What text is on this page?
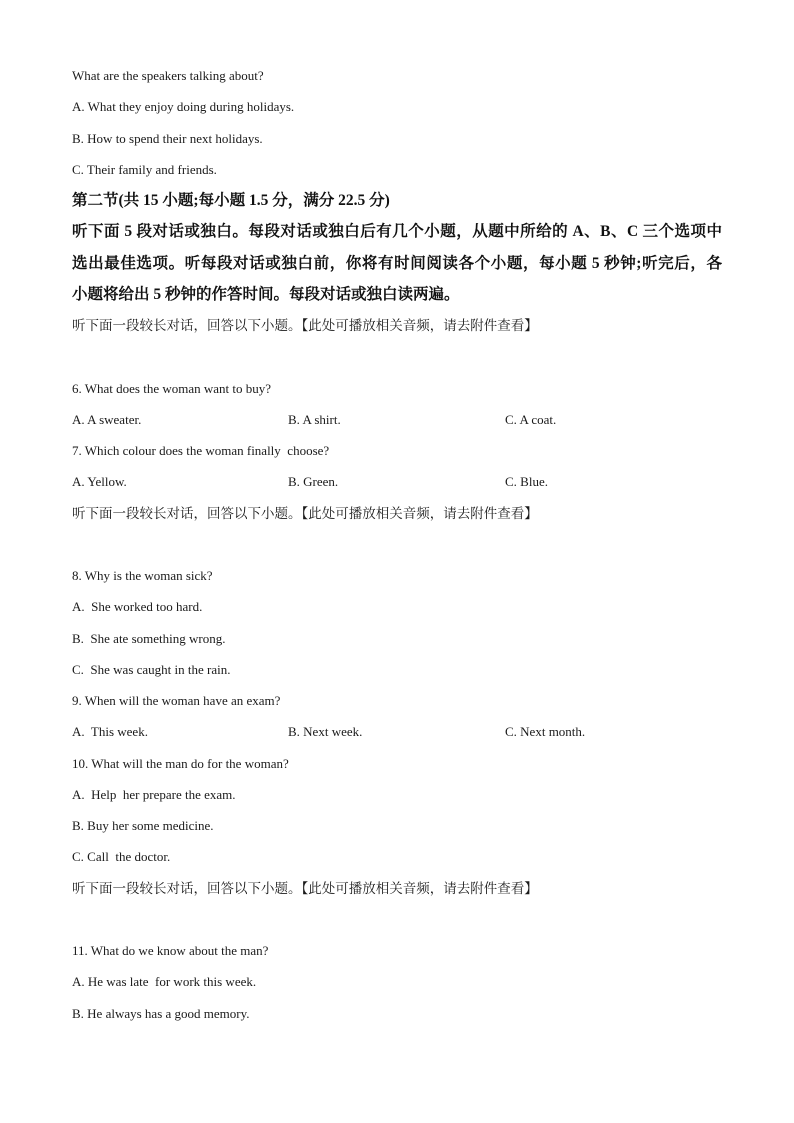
What are the speakers talking about?
A. What they enjoy doing during holidays.
B. How to spend their next holidays.
C. Their family and friends.
第二节(共 15 小题;每小题 1.5 分，满分 22.5 分)
听下面 5 段对话或独白。每段对话或独白后有几个小题，从题中所给的 A、B、C 三个选项中
选出最佳选项。听每段对话或独白前，你将有时间阅读各个小题，每小题 5 秒钟;听完后，各
小题将给出 5 秒钟的作答时间。每段对话或独白读两遍。
听下面一段较长对话，回答以下小题。【此处可播放相关音频，请去附件查看】
6. What does the woman want to buy?
A. A sweater.	B. A shirt.	C. A coat.
7. Which colour does the woman finally  choose?
A. Yellow.	B. Green.	C. Blue.
听下面一段较长对话，回答以下小题。【此处可播放相关音频，请去附件查看】
8. Why is the woman sick?
A.  She worked too hard.
B.  She ate something wrong.
C.  She was caught in the rain.
9. When will the woman have an exam?
A.  This week.	B. Next week.	C. Next month.
10. What will the man do for the woman?
A.  Help  her prepare the exam.
B. Buy her some medicine.
C. Call  the doctor.
听下面一段较长对话，回答以下小题。【此处可播放相关音频，请去附件查看】
11. What do we know about the man?
A. He was late  for work this week.
B. He always has a good memory.
